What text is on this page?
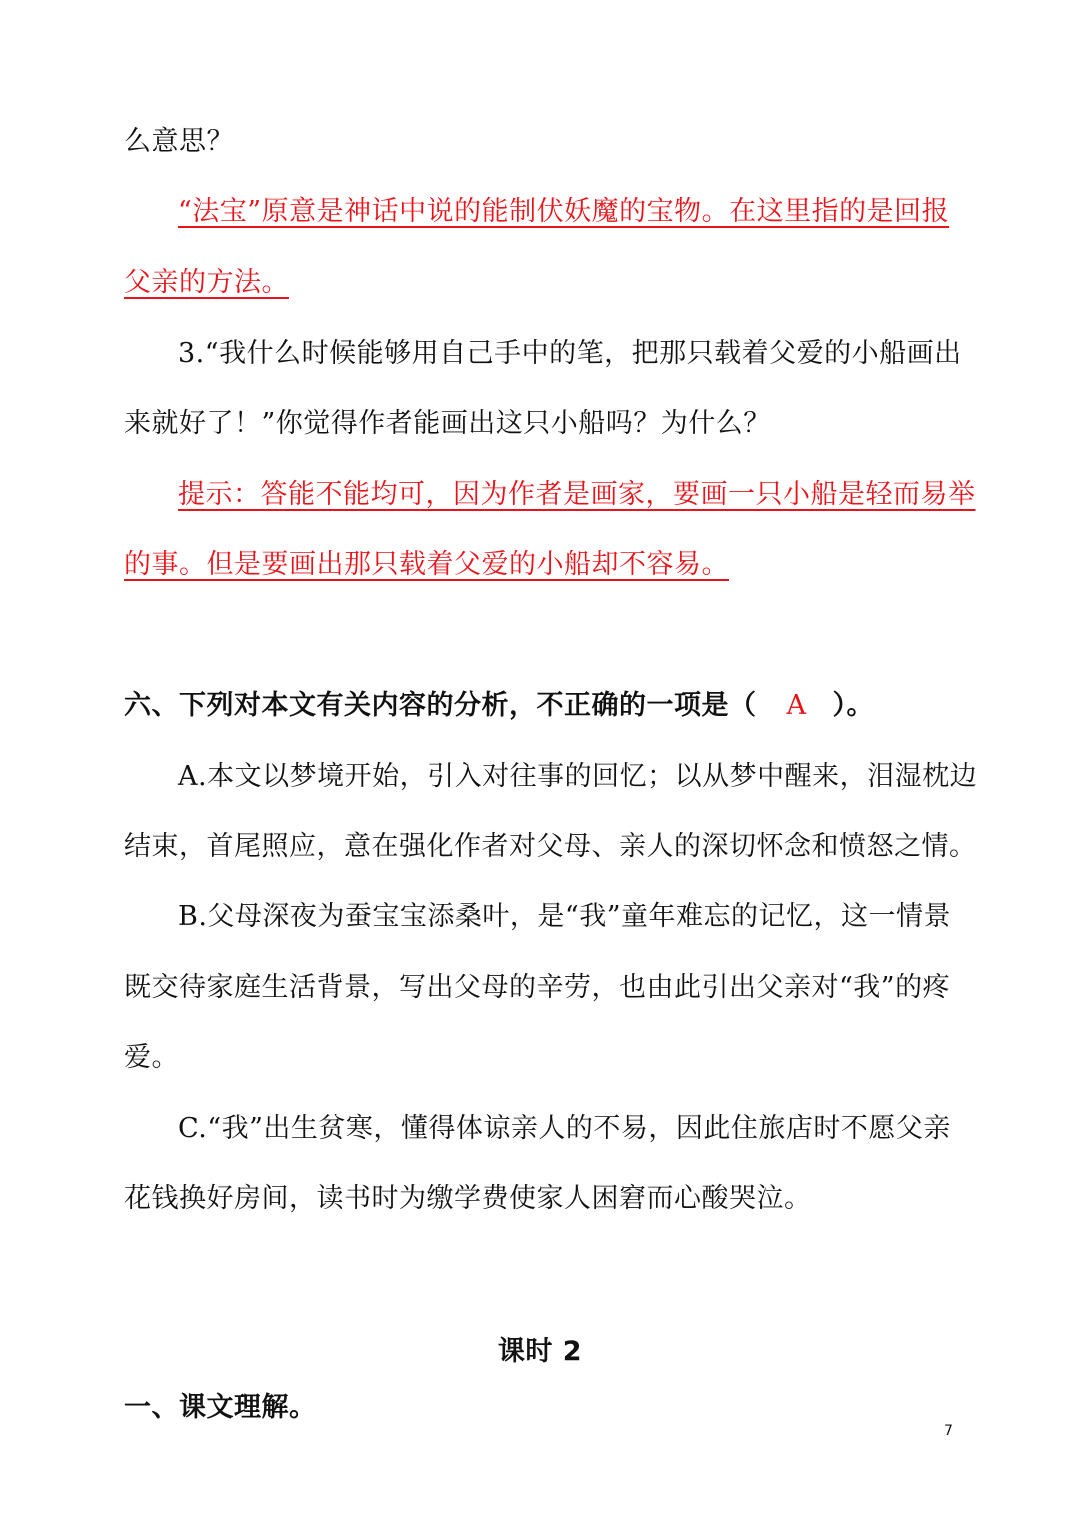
么意思？
“法宝”原意是神话中说的能制伏妖魔的宝物。在这里指的是回报
父亲的方法。
3.“我什么时候能够用自己手中的笔，把那只载着父爱的小船画出
来就好了！”你觉得作者能画出这只小船吗？为什么？
提示：答能不能均可，因为作者是画家，要画一只小船是轻而易举
的事。但是要画出那只载着父爱的小船却不容易。
六、下列对本文有关内容的分析，不正确的一项是（ A ）。
A.本文以梦境开始，引入对往事的回忆；以从梦中醒来，泪湿枕边
结束，首尾照应，意在强化作者对父母、亲人的深切怀念和愤怒之情。
B.父母深夜为蚕宝宝添桑叶，是“我”童年难忘的记忆，这一情景
既交待家庭生活背景，写出父母的辛劳，也由此引出父亲对“我”的疼
爱。
C.“我”出生贫寒，懂得体谅亲人的不易，因此住旅店时不愿父亲
花钱换好房间，读书时为缴学费使家人困窘而心酸哭泣。
课时 2
一、课文理解。
7
